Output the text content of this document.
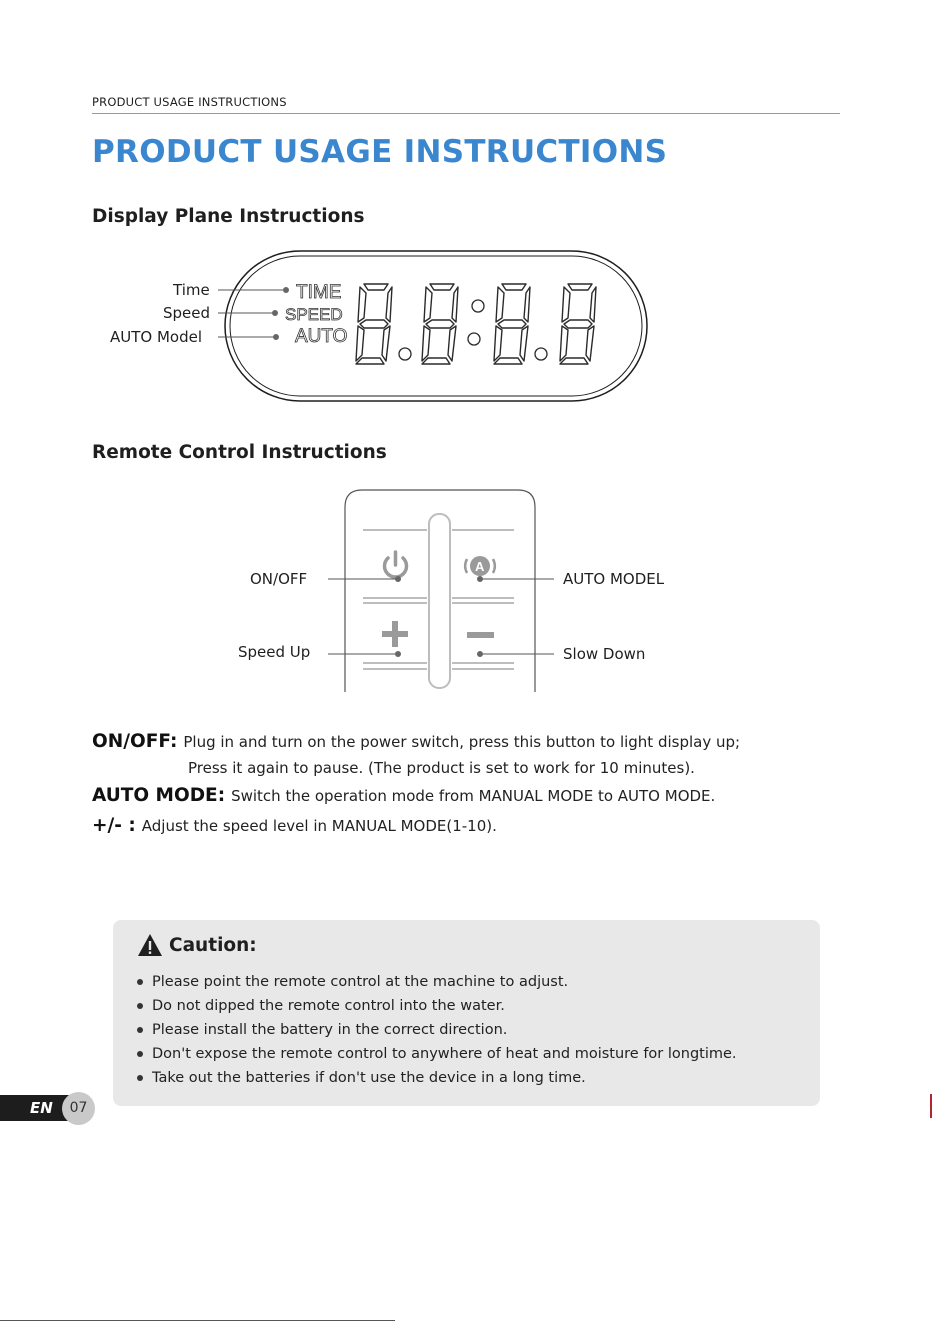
PRODUCT USAGE INSTRUCTIONS
PRODUCT USAGE INSTRUCTIONS
Display Plane Instructions
Time
Speed
AUTO Model
TIME
SPEED
AUTO
Remote Control Instructions
A
ON/OFF	AUTO MODEL
Speed Up	Slow Down
ON/OFF: Plug in and turn on the power switch, press this button to light display up;
Press it again to pause. (The product is set to work for 10 minutes).
AUTO MODE: Switch the operation mode from MANUAL MODE to AUTO MODE.
+/- : Adjust the speed level in MANUAL MODE(1-10).
Caution:
Please point the remote control at the machine to adjust.
Do not dipped the remote control into the water.
Please install the battery in the correct direction.
Don't expose the remote control to anywhere of heat and moisture for longtime.
Take out the batteries if don't use the device in a long time.
EN	07
